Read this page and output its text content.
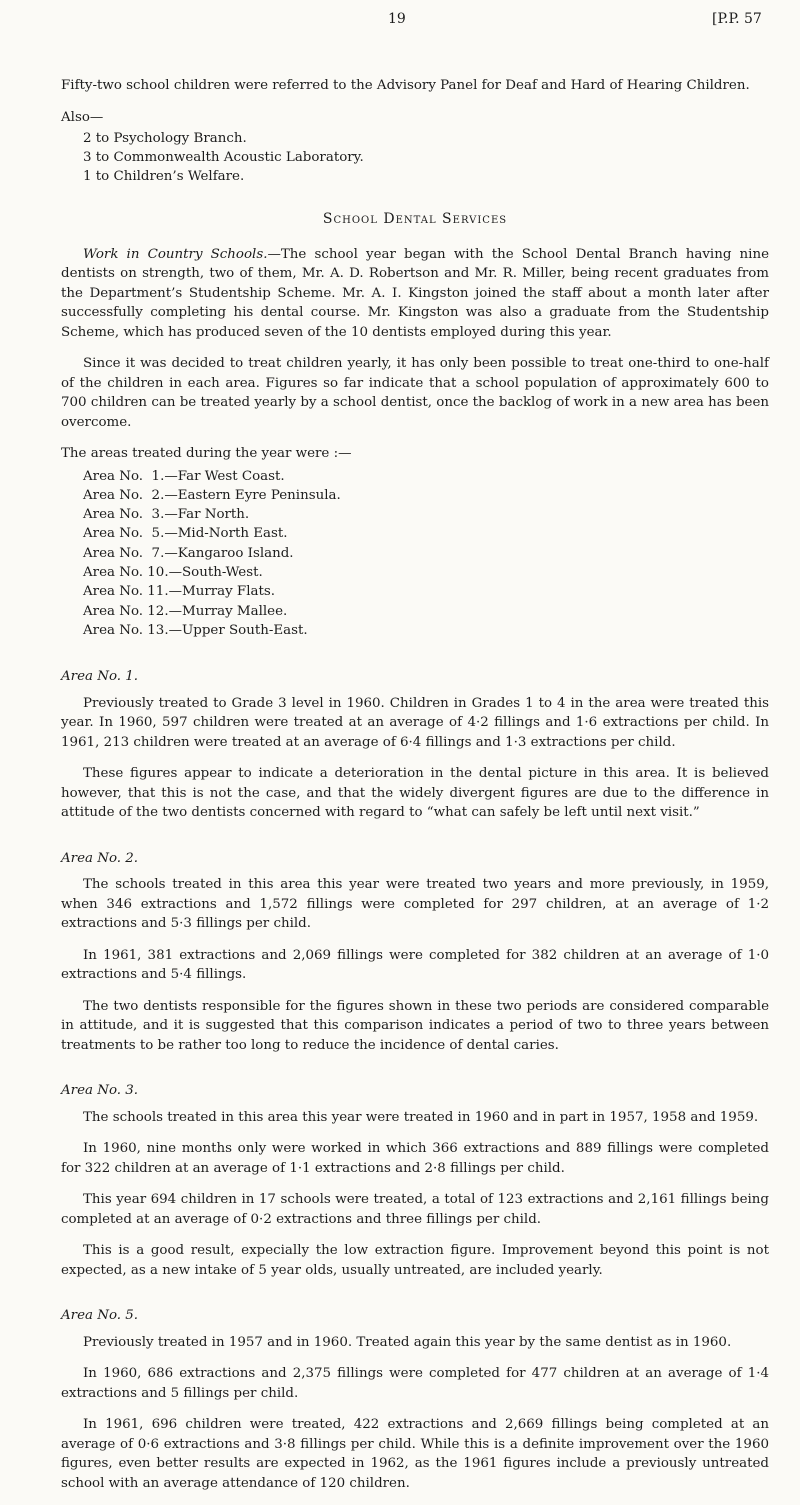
19	[P.P. 57

Fifty-two school children were referred to the Advisory Panel for Deaf and Hard of Hearing Children.

Also—

2 to Psychology Branch.
3 to Commonwealth Acoustic Laboratory.
1 to Children’s Welfare.
School Dental Services

Work in Country Schools.—The school year began with the School Dental Branch having nine dentists on strength, two of them, Mr. A. D. Robertson and Mr. R. Miller, being recent graduates from the Department’s Studentship Scheme. Mr. A. I. Kingston joined the staff about a month later after successfully completing his dental course. Mr. Kingston was also a graduate from the Studentship Scheme, which has produced seven of the 10 dentists employed during this year.

Since it was decided to treat children yearly, it has only been possible to treat one-third to one-half of the children in each area. Figures so far indicate that a school population of approximately 600 to 700 children can be treated yearly by a school dentist, once the backlog of work in a new area has been overcome.

The areas treated during the year were :—

Area No.  1.—Far West Coast.
Area No.  2.—Eastern Eyre Peninsula.
Area No.  3.—Far North.
Area No.  5.—Mid-North East.
Area No.  7.—Kangaroo Island.
Area No. 10.—South-West.
Area No. 11.—Murray Flats.
Area No. 12.—Murray Mallee.
Area No. 13.—Upper South-East.

Area No. 1.

Previously treated to Grade 3 level in 1960. Children in Grades 1 to 4 in the area were treated this year. In 1960, 597 children were treated at an average of 4·2 fillings and 1·6 extractions per child. In 1961, 213 children were treated at an average of 6·4 fillings and 1·3 extractions per child.

These figures appear to indicate a deterioration in the dental picture in this area. It is believed however, that this is not the case, and that the widely divergent figures are due to the difference in attitude of the two dentists concerned with regard to “what can safely be left until next visit.”

Area No. 2.

The schools treated in this area this year were treated two years and more previously, in 1959, when 346 extractions and 1,572 fillings were completed for 297 children, at an average of 1·2 extractions and 5·3 fillings per child.

In 1961, 381 extractions and 2,069 fillings were completed for 382 children at an average of 1·0 extractions and 5·4 fillings.

The two dentists responsible for the figures shown in these two periods are considered comparable in attitude, and it is suggested that this comparison indicates a period of two to three years between treatments to be rather too long to reduce the incidence of dental caries.

Area No. 3.

The schools treated in this area this year were treated in 1960 and in part in 1957, 1958 and 1959.

In 1960, nine months only were worked in which 366 extractions and 889 fillings were completed for 322 children at an average of 1·1 extractions and 2·8 fillings per child.

This year 694 children in 17 schools were treated, a total of 123 extractions and 2,161 fillings being completed at an average of 0·2 extractions and three fillings per child.

This is a good result, expecially the low extraction figure. Improvement beyond this point is not expected, as a new intake of 5 year olds, usually untreated, are included yearly.

Area No. 5.

Previously treated in 1957 and in 1960. Treated again this year by the same dentist as in 1960.

In 1960, 686 extractions and 2,375 fillings were completed for 477 children at an average of 1·4 extractions and 5 fillings per child.

In 1961, 696 children were treated, 422 extractions and 2,669 fillings being completed at an average of 0·6 extractions and 3·8 fillings per child. While this is a definite improvement over the 1960 figures, even better results are expected in 1962, as the 1961 figures include a previously untreated school with an average attendance of 120 children.
